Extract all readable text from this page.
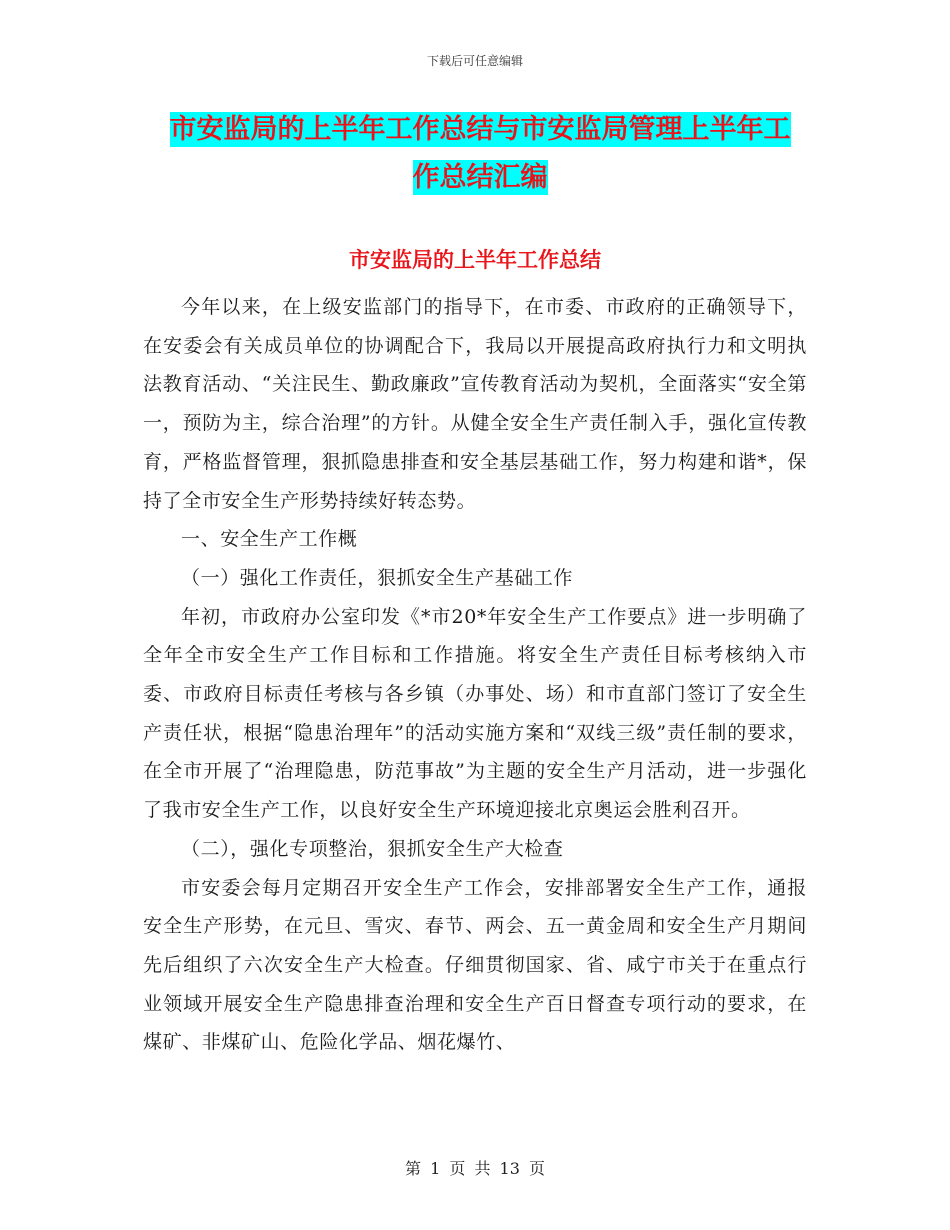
下载后可任意编辑
市安监局的上半年工作总结与市安监局管理上半年工
作总结汇编
市安监局的上半年工作总结

今年以来，在上级安监部门的指导下，在市委、市政府的正确领导下，在安委会有关成员单位的协调配合下，我局以开展提高政府执行力和文明执法教育活动、“关注民生、勤政廉政”宣传教育活动为契机，全面落实“安全第一，预防为主，综合治理”的方针。从健全安全生产责任制入手，强化宣传教育，严格监督管理，狠抓隐患排查和安全基层基础工作，努力构建和谐*，保持了全市安全生产形势持续好转态势。

一、安全生产工作概

（一）强化工作责任，狠抓安全生产基础工作

年初，市政府办公室印发《*市20*年安全生产工作要点》进一步明确了全年全市安全生产工作目标和工作措施。将安全生产责任目标考核纳入市委、市政府目标责任考核与各乡镇（办事处、场）和市直部门签订了安全生产责任状，根据“隐患治理年”的活动实施方案和“双线三级”责任制的要求，在全市开展了“治理隐患，防范事故”为主题的安全生产月活动，进一步强化了我市安全生产工作，以良好安全生产环境迎接北京奥运会胜利召开。

（二），强化专项整治，狠抓安全生产大检查

市安委会每月定期召开安全生产工作会，安排部署安全生产工作，通报安全生产形势，在元旦、雪灾、春节、两会、五一黄金周和安全生产月期间先后组织了六次安全生产大检查。仔细贯彻国家、省、咸宁市关于在重点行业领域开展安全生产隐患排查治理和安全生产百日督查专项行动的要求，在煤矿、非煤矿山、危险化学品、烟花爆竹、

第 1 页 共 13 页
